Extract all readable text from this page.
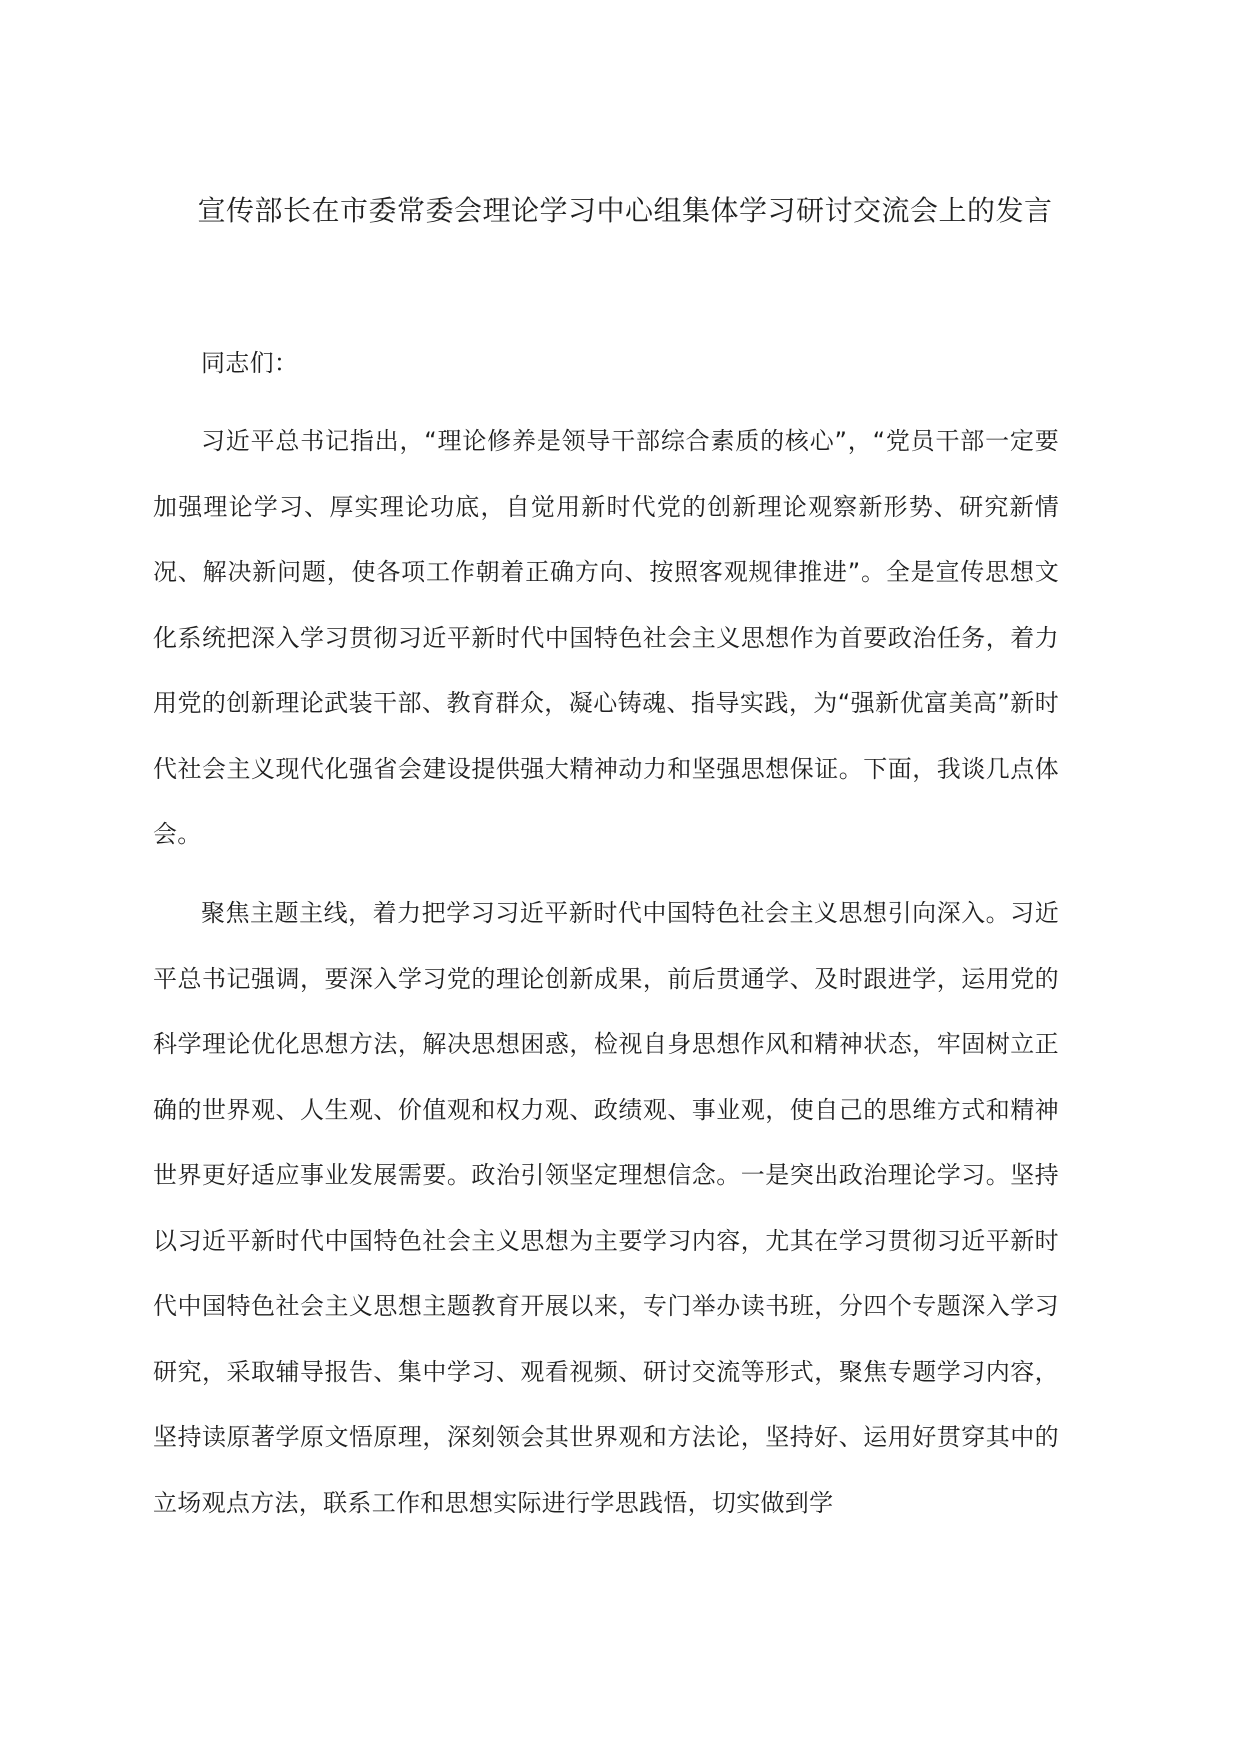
宣传部长在市委常委会理论学习中心组集体学习研讨交流会上的发言

同志们：

习近平总书记指出，“理论修养是领导干部综合素质的核心”，“党员干部一定要加强理论学习、厚实理论功底，自觉用新时代党的创新理论观察新形势、研究新情况、解决新问题，使各项工作朝着正确方向、按照客观规律推进”。全是宣传思想文化系统把深入学习贯彻习近平新时代中国特色社会主义思想作为首要政治任务，着力用党的创新理论武装干部、教育群众，凝心铸魂、指导实践，为“强新优富美高”新时代社会主义现代化强省会建设提供强大精神动力和坚强思想保证。下面，我谈几点体会。

聚焦主题主线，着力把学习习近平新时代中国特色社会主义思想引向深入。习近平总书记强调，要深入学习党的理论创新成果，前后贯通学、及时跟进学，运用党的科学理论优化思想方法，解决思想困惑，检视自身思想作风和精神状态，牢固树立正确的世界观、人生观、价值观和权力观、政绩观、事业观，使自己的思维方式和精神世界更好适应事业发展需要。政治引领坚定理想信念。一是突出政治理论学习。坚持以习近平新时代中国特色社会主义思想为主要学习内容，尤其在学习贯彻习近平新时代中国特色社会主义思想主题教育开展以来，专门举办读书班，分四个专题深入学习研究，采取辅导报告、集中学习、观看视频、研讨交流等形式，聚焦专题学习内容，坚持读原著学原文悟原理，深刻领会其世界观和方法论，坚持好、运用好贯穿其中的立场观点方法，联系工作和思想实际进行学思践悟，切实做到学
